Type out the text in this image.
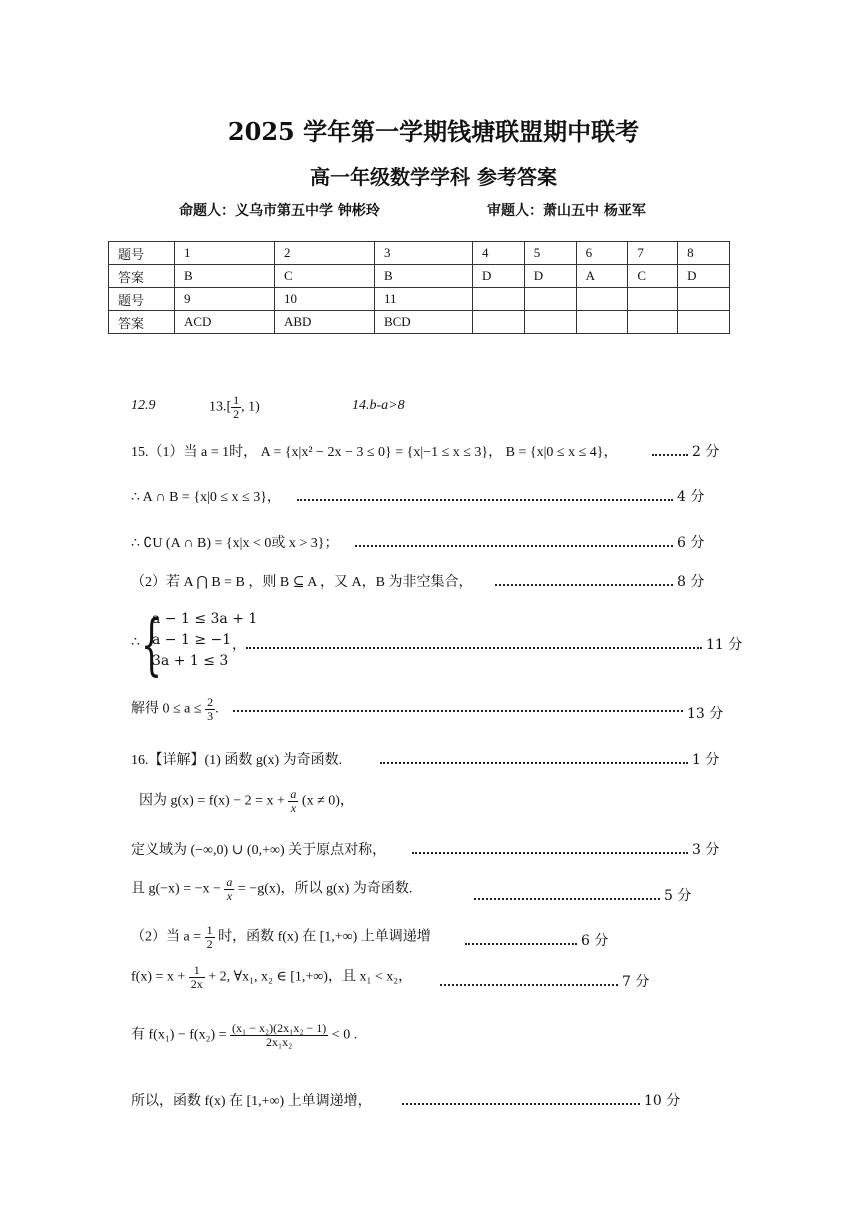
2025 学年第一学期钱塘联盟期中联考
高一年级数学学科 参考答案
命题人：义乌市第五中学 钟彬玲	审题人：萧山五中 杨亚军
题号	1	2	3	4	5	6	7	8
答案	B	C	B	D	D	A	C	D
题号	9	10	11					
答案	ACD	ABD	BCD					
12.9	$13.[ \frac{1}{2}$ , 1)	14.b-a>8
15.（1）当 a = 1时， A = {x|x² − 2x − 3 ≤ 0} = {x|−1 ≤ x ≤ 3}， B = {x|0 ≤ x ≤ 4}，	2 分
∴ A ∩ B = {x|0 ≤ x ≤ 3}，	4 分
∴ ∁U (A ∩ B) = {x|x < 0或 x > 3}；	6 分
（2）若 A ⋂ B = B ，则 B ⊆ A ，又 A，B 为非空集合，	8 分
∴ {
a − 1 ≤ 3a + 1
a − 1 ≥ −1
3a + 1 ≤ 3
，	11 分
解得 $0 \le a \le \frac{2}{3}$ .	13 分
16.【详解】(1) 函数 g(x) 为奇函数.	1 分
因为 $g(x) = f(x) - 2 = x + \frac{a}{x} (x \ne 0)$，
定义域为 (−∞,0) ∪ (0,+∞) 关于原点对称，	3 分
且 $g(-x) = -x - \frac{a}{x} = -g(x)$，所以 g(x) 为奇函数.	5 分
（2）当 $a = \frac{1}{2}$ 时，函数 f(x) 在 [1,+∞) 上单调递增	6 分
$f(x) = x + \frac{1}{2x} + 2$, ∀x₁, x₂ ∈ [1,+∞)，且 x₁ < x₂，	7 分
有 $f(x_1) - f(x_2) = \frac{\text{(x₁ − x₂)(2x₁x₂ − 1)}}{\text{2x₁x₂}} < 0$ .
所以，函数 f(x) 在 [1,+∞) 上单调递增，	10 分
